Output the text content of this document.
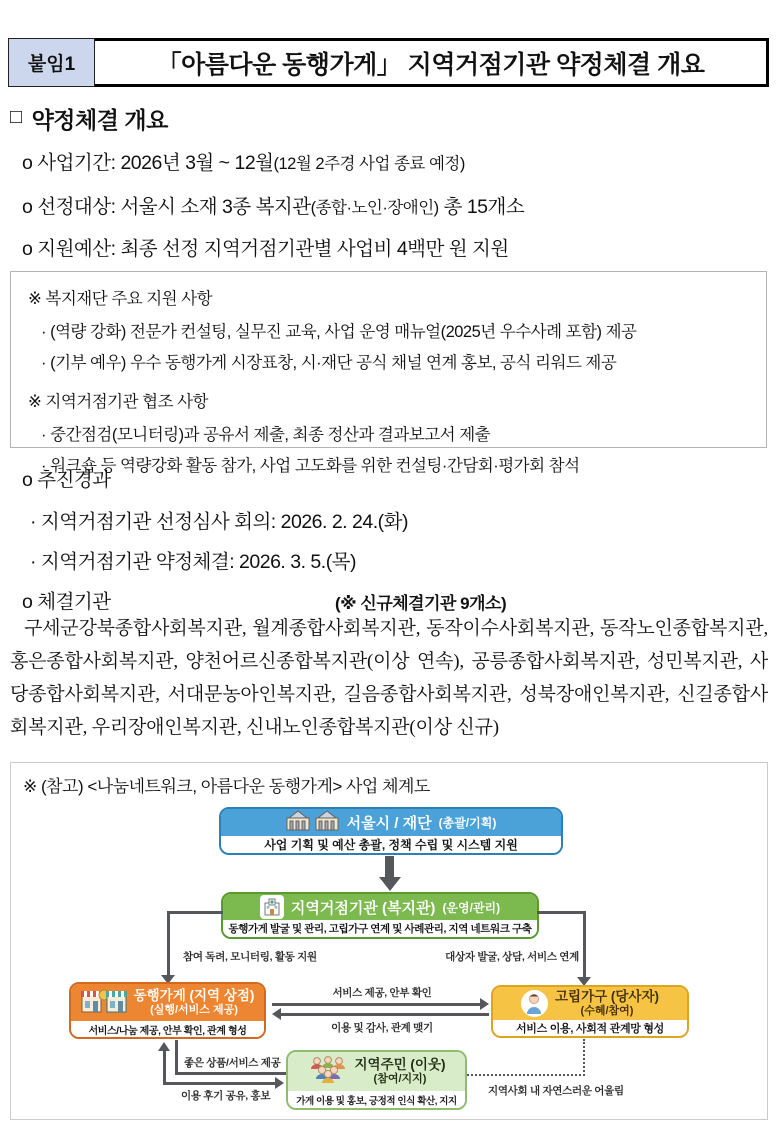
붙임1	「아름다운 동행가게」 지역거점기관 약정체결 개요
□ 약정체결 개요
o 사업기간: 2026년 3월 ~ 12월(12월 2주경 사업 종료 예정)
o 선정대상: 서울시 소재 3종 복지관(종합·노인·장애인) 총 15개소
o 지원예산: 최종 선정 지역거점기관별 사업비 4백만 원 지원
※ 복지재단 주요 지원 사항
· (역량 강화) 전문가 컨설팅, 실무진 교육, 사업 운영 매뉴얼(2025년 우수사례 포함) 제공
· (기부 예우) 우수 동행가게 시장표창, 시·재단 공식 채널 연계 홍보, 공식 리워드 제공
※ 지역거점기관 협조 사항
· 중간점검(모니터링)과 공유서 제출, 최종 정산과 결과보고서 제출
· 워크숍 등 역량강화 활동 참가, 사업 고도화를 위한 컨설팅·간담회·평가회 참석
o 추진경과
· 지역거점기관 선정심사 회의: 2026. 2. 24.(화)
· 지역거점기관 약정체결: 2026. 3. 5.(목)
o 체결기관	(※ 신규체결기관 9개소)
구세군강북종합사회복지관, 월계종합사회복지관, 동작이수사회복지관, 동작노인종합복지관, 홍은종합사회복지관, 양천어르신종합복지관(이상 연속), 공릉종합사회복지관, 성민복지관, 사당종합사회복지관, 서대문농아인복지관, 길음종합사회복지관, 성북장애인복지관, 신길종합사회복지관, 우리장애인복지관, 신내노인종합복지관(이상 신규)
※ (참고) <나눔네트워크, 아름다운 동행가게> 사업 체계도
서울시 / 재단 (총괄/기획)
사업 기획 및 예산 총괄, 정책 수립 및 시스템 지원
지역거점기관 (복지관) (운영/관리)
동행가게 발굴 및 관리, 고립가구 연계 및 사례관리, 지역 네트워크 구축
참여 독려, 모니터링, 활동 지원	대상자 발굴, 상담, 서비스 연계
동행가게 (지역 상점)
(실행/서비스 제공)
서비스/나눔 제공, 안부 확인, 관계 형성
고립가구 (당사자)
(수혜/참여)
서비스 이용, 사회적 관계망 형성
서비스 제공, 안부 확인
이용 및 감사, 관계 맺기
지역주민 (이웃)
(참여/지지)
가게 이용 및 홍보, 긍정적 인식 확산, 지지
좋은 상품/서비스 제공
이용 후기 공유, 홍보	지역사회 내 자연스러운 어울림
